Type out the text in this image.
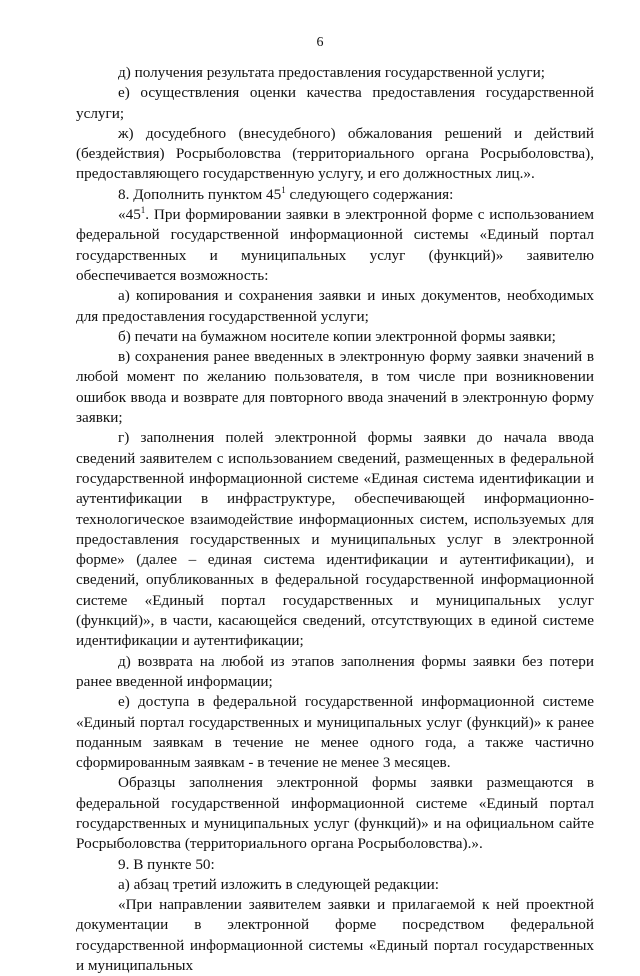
6

д) получения результата предоставления государственной услуги;

е) осуществления оценки качества предоставления государственной услуги;

ж) досудебного (внесудебного) обжалования решений и действий (бездействия) Росрыболовства (территориального органа Росрыболовства), предоставляющего государственную услугу, и его должностных лиц.».

8. Дополнить пунктом $45^1$ следующего содержания:

«$45^1$. При формировании заявки в электронной форме с использованием федеральной государственной информационной системы «Единый портал государственных и муниципальных услуг (функций)» заявителю обеспечивается возможность:

а) копирования и сохранения заявки и иных документов, необходимых для предоставления государственной услуги;

б) печати на бумажном носителе копии электронной формы заявки;

в) сохранения ранее введенных в электронную форму заявки значений в любой момент по желанию пользователя, в том числе при возникновении ошибок ввода и возврате для повторного ввода значений в электронную форму заявки;

г) заполнения полей электронной формы заявки до начала ввода сведений заявителем с использованием сведений, размещенных в федеральной государственной информационной системе «Единая система идентификации и аутентификации в инфраструктуре, обеспечивающей информационно-технологическое взаимодействие информационных систем, используемых для предоставления государственных и муниципальных услуг в электронной форме» (далее – единая система идентификации и аутентификации), и сведений, опубликованных в федеральной государственной информационной системе «Единый портал государственных и муниципальных услуг (функций)», в части, касающейся сведений, отсутствующих в единой системе идентификации и аутентификации;

д) возврата на любой из этапов заполнения формы заявки без потери ранее введенной информации;

е) доступа в федеральной государственной информационной системе «Единый портал государственных и муниципальных услуг (функций)» к ранее поданным заявкам в течение не менее одного года, а также частично сформированным заявкам - в течение не менее 3 месяцев.

Образцы заполнения электронной формы заявки размещаются в федеральной государственной информационной системе «Единый портал государственных и муниципальных услуг (функций)» и на официальном сайте Росрыболовства (территориального органа Росрыболовства).».

9. В пункте 50:

а) абзац третий изложить в следующей редакции:

«При направлении заявителем заявки и прилагаемой к ней проектной документации в электронной форме посредством федеральной государственной информационной системы «Единый портал государственных и муниципальных
